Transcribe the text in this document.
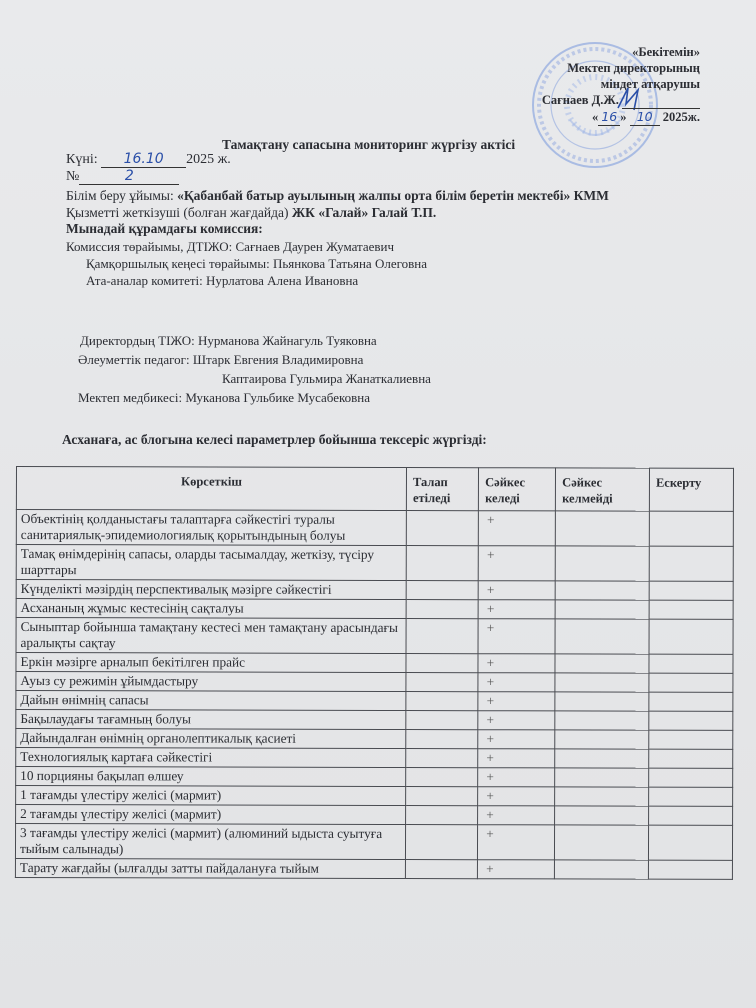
«Бекітемін»
Мектеп директорының
міндет атқарушы
Сағнаев Д.Ж.
« 16 » 10 2025ж.
Тамақтану сапасына мониторинг жүргізу актісі
Күні: 16.10 2025 ж.
№	2
Білім беру ұйымы: «Қабанбай батыр ауылының жалпы орта білім беретін мектебі» КММ
Қызметті жеткізуші (болған жағдайда) ЖК «Галай» Галай Т.П.
Мынадай құрамдағы комиссия:
Комиссия төрайымы, ДТІЖО: Сағнаев Даурен Жуматаевич
Қамқоршылық кеңесі төрайымы: Пьянкова Татьяна Олеговна
Ата-аналар комитеті: Нурлатова Алена Ивановна
Директордың ТІЖО: Нурманова Жайнагуль Туяковна
Әлеуметтік педагог: Штарк Евгения Владимировна
Каптаирова Гульмира Жанаткалиевна
Мектеп медбикесі: Муканова Гульбике Мусабековна
Асханаға, ас блогына келесі параметрлер бойынша тексеріс жүргізді:
Көрсеткіш	Талап етіледі	Сәйкес келеді	Сәйкес келмейді	Ескерту
Объектінің қолданыстағы талаптарға сәйкестігі туралы санитариялық-эпидемиологиялық қорытындының болуы		+		
Тамақ өнімдерінің сапасы, оларды тасымалдау, жеткізу, түсіру шарттары		+		
Күнделікті мәзірдің перспективалық мәзірге сәйкестігі		+		
Асхананың жұмыс кестесінің сақталуы		+		
Сыныптар бойынша тамақтану кестесі мен тамақтану арасындағы аралықты сақтау		+		
Еркін мәзірге арналып бекітілген прайс		+		
Ауыз су режимін ұйымдастыру		+		
Дайын өнімнің сапасы		+		
Бақылаудағы тағамның болуы		+		
Дайындалған өнімнің органолептикалық қасиеті		+		
Технологиялық картаға сәйкестігі		+		
10 порцияны бақылап өлшеу		+		
1 тағамды үлестіру желісі (мармит)		+		
2 тағамды үлестіру желісі (мармит)		+		
3 тағамды үлестіру желісі (мармит) (алюминий ыдыста суытуға тыйым салынады)		+		
Тарату жағдайы (ылғалды затты пайдалануға тыйым		+		
